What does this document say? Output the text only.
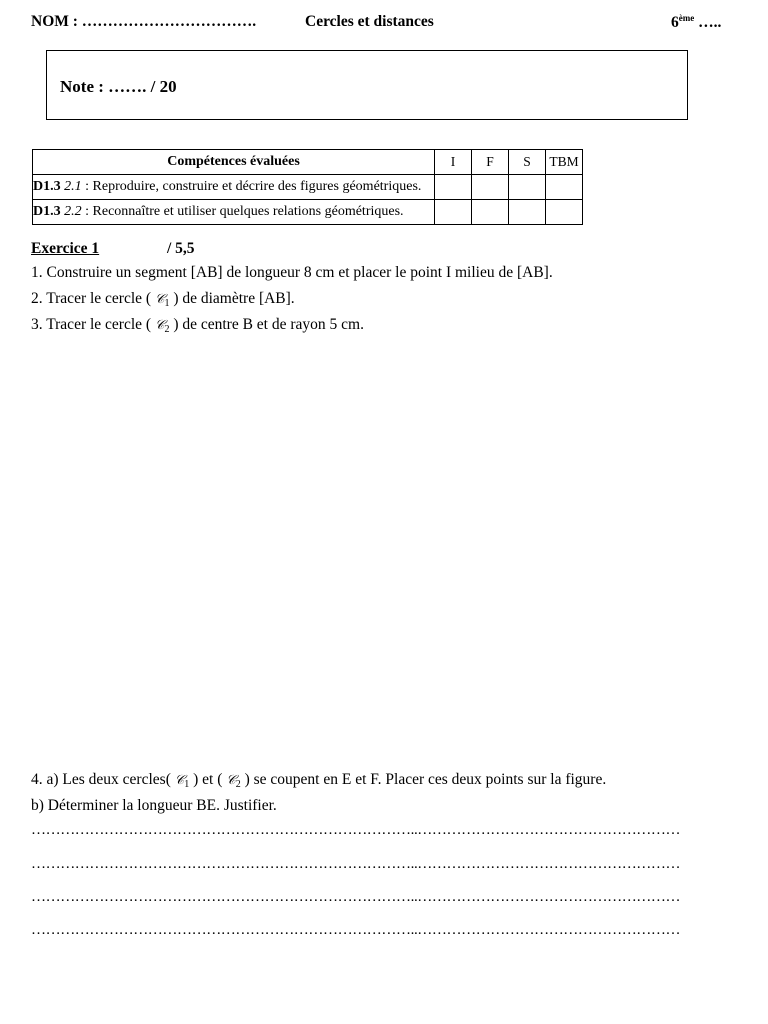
NOM : …………………………….	Cercles et distances	6ème …..
Note : ……. / 20
Compétences évaluées	I	F	S	TBM
D1.3 2.1 : Reproduire, construire et décrire des figures géométriques.				
D1.3 2.2 : Reconnaître et utiliser quelques relations géométriques.				
Exercice 1	/ 5,5
1. Construire un segment [AB] de longueur 8 cm et placer le point I milieu de [AB].
2. Tracer le cercle ( 𝒞$_1$ ) de diamètre [AB].
3. Tracer le cercle ( 𝒞$_2$ ) de centre B et de rayon 5 cm.
4. a) Les deux cercles( 𝒞$_1$ ) et ( 𝒞$_2$ ) se coupent en E et F. Placer ces deux points sur la figure.
b) Déterminer la longueur BE. Justifier.
……………………………………………………………………..………………………………………………
……………………………………………………………………..………………………………………………
……………………………………………………………………..………………………………………………
……………………………………………………………………..………………………………………………
